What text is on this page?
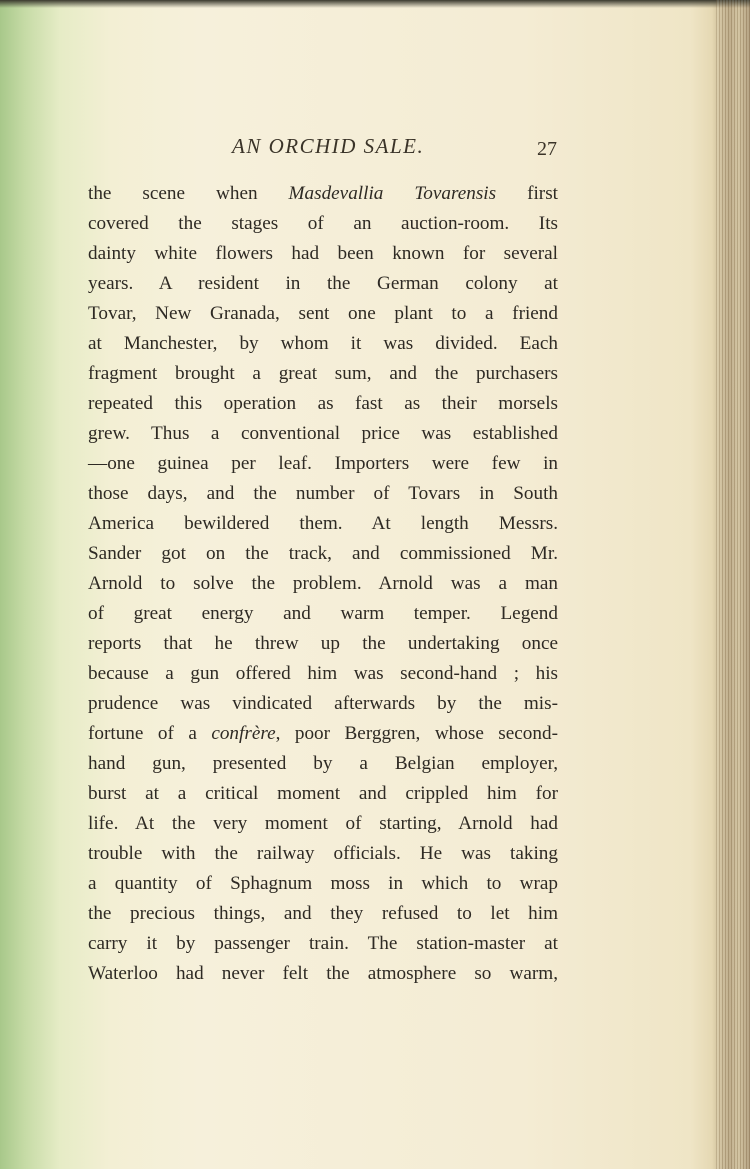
AN ORCHID SALE.	27
the scene when Masdevallia Tovarensis first
covered the stages of an auction-room. Its
dainty white flowers had been known for several
years. A resident in the German colony at
Tovar, New Granada, sent one plant to a friend
at Manchester, by whom it was divided. Each
fragment brought a great sum, and the purchasers
repeated this operation as fast as their morsels
grew. Thus a conventional price was established
—one guinea per leaf. Importers were few in
those days, and the number of Tovars in South
America bewildered them. At length Messrs.
Sander got on the track, and commissioned Mr.
Arnold to solve the problem. Arnold was a man
of great energy and warm temper. Legend
reports that he threw up the undertaking once
because a gun offered him was second-hand ; his
prudence was vindicated afterwards by the mis-
fortune of a confrère, poor Berggren, whose second-
hand gun, presented by a Belgian employer,
burst at a critical moment and crippled him for
life. At the very moment of starting, Arnold had
trouble with the railway officials. He was taking
a quantity of Sphagnum moss in which to wrap
the precious things, and they refused to let him
carry it by passenger train. The station-master at
Waterloo had never felt the atmosphere so warm,
